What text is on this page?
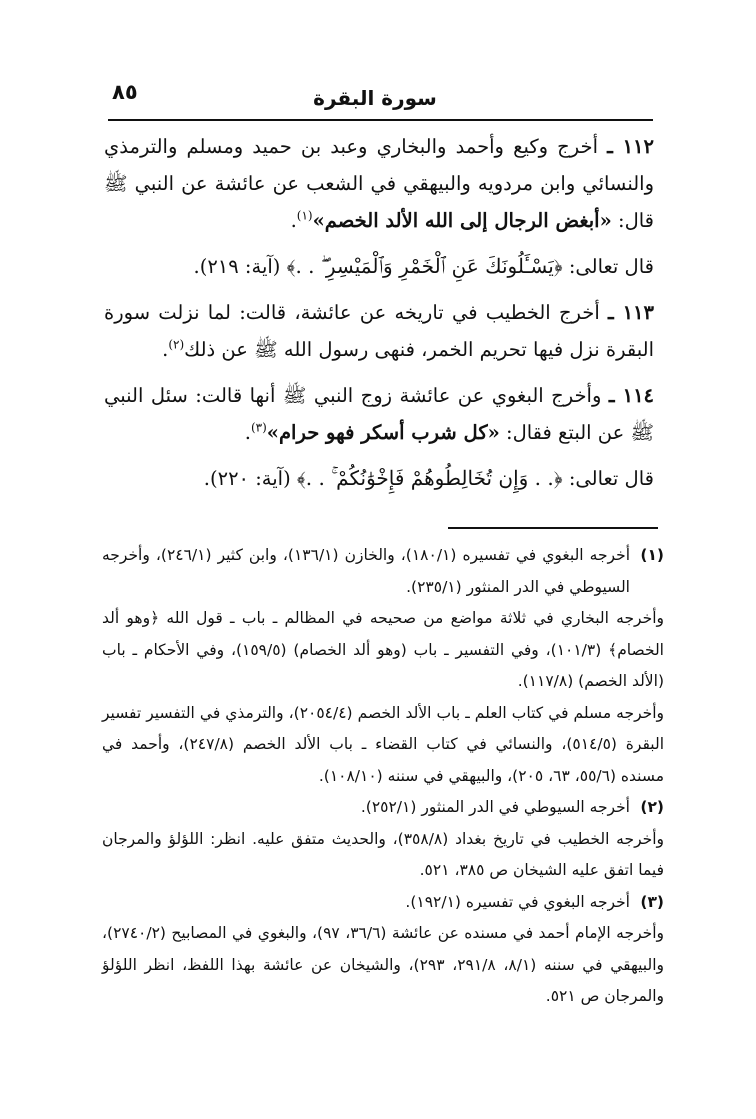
٨٥	سورة البقرة

١١٢ ـ أخرج وكيع وأحمد والبخاري وعبد بن حميد ومسلم والترمذي والنسائي وابن مردويه والبيهقي في الشعب عن عائشة عن النبي ﷺ قال: «أبغض الرجال إلى الله الألد الخصم»$^{(١)}$.

قال تعالى: ﴿يَسْـَٔلُونَكَ عَنِ ٱلْخَمْرِ وَٱلْمَيْسِرِ ۖ . .﴾ (آية: ٢١٩).

١١٣ ـ أخرج الخطيب في تاريخه عن عائشة، قالت: لما نزلت سورة البقرة نزل فيها تحريم الخمر، فنهى رسول الله ﷺ عن ذلك$^{(٢)}$.

١١٤ ـ وأخرج البغوي عن عائشة زوج النبي ﷺ أنها قالت: سئل النبي ﷺ عن البتع فقال: «كل شرب أسكر فهو حرام»$^{(٣)}$.

قال تعالى: ﴿. . وَإِن تُخَالِطُوهُمْ فَإِخْوَٰنُكُمْ ۚ . .﴾ (آية: ٢٢٠).

(١)

أخرجه البغوي في تفسيره (١٨٠/١)، والخازن (١٣٦/١)، وابن كثير (٢٤٦/١)، وأخرجه السيوطي في الدر المنثور (٢٣٥/١).

وأخرجه البخاري في ثلاثة مواضع من صحيحه في المظالم ـ باب ـ قول الله ﴿وهو ألد الخصام﴾ (١٠١/٣)، وفي التفسير ـ باب (وهو ألد الخصام) (١٥٩/٥)، وفي الأحكام ـ باب (الألد الخصم) (١١٧/٨).

وأخرجه مسلم في كتاب العلم ـ باب الألد الخصم (٢٠٥٤/٤)، والترمذي في التفسير تفسير البقرة (٥١٤/٥)، والنسائي في كتاب القضاء ـ باب الألد الخصم (٢٤٧/٨)، وأحمد في مسنده (٥٥/٦، ٦٣، ٢٠٥)، والبيهقي في سننه (١٠٨/١٠).

(٢)

أخرجه السيوطي في الدر المنثور (٢٥٢/١).

وأخرجه الخطيب في تاريخ بغداد (٣٥٨/٨)، والحديث متفق عليه. انظر: اللؤلؤ والمرجان فيما اتفق عليه الشيخان ص ٣٨٥، ٥٢١.

(٣)

أخرجه البغوي في تفسيره (١٩٢/١).

وأخرجه الإمام أحمد في مسنده عن عائشة (٣٦/٦، ٩٧)، والبغوي في المصابيح (٢٧٤٠/٢)، والبيهقي في سننه (٨/١، ٢٩١/٨، ٢٩٣)، والشيخان عن عائشة بهذا اللفظ، انظر اللؤلؤ والمرجان ص ٥٢١.
